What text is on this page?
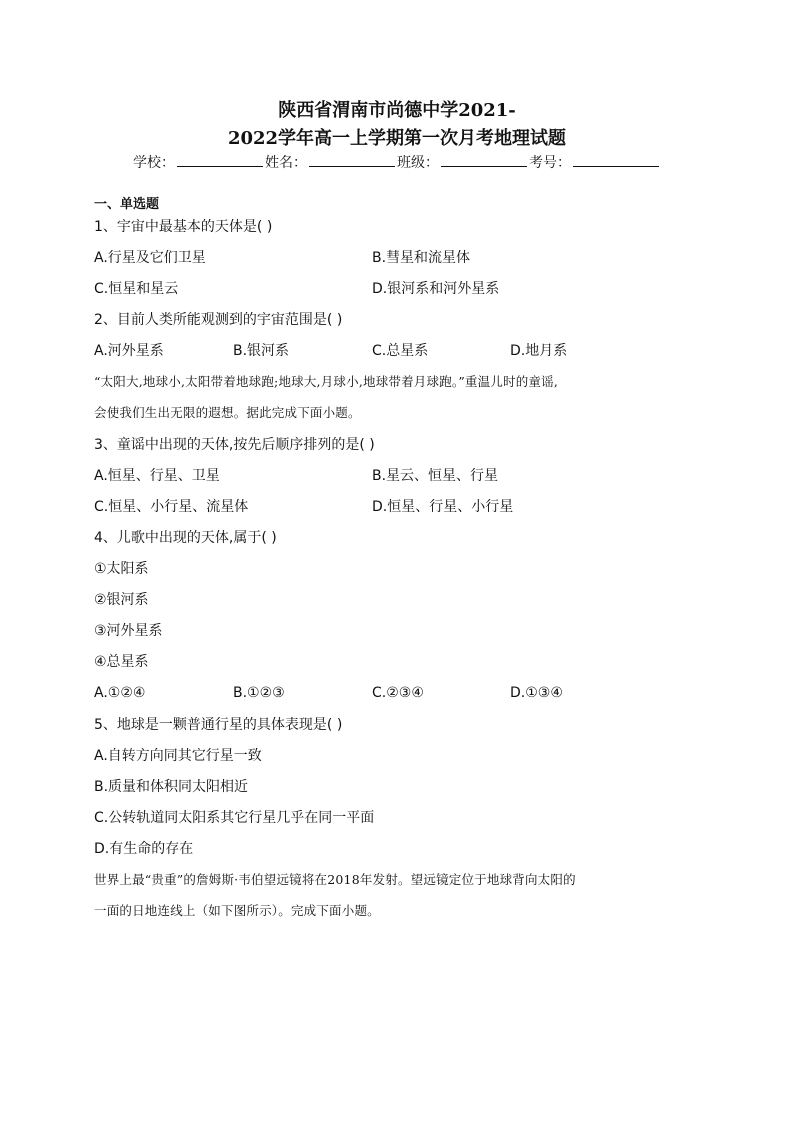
陕西省渭南市尚德中学2021-
2022学年高一上学期第一次月考地理试题
学校：	姓名：	班级：	考号：
一、单选题
1、宇宙中最基本的天体是( )
A.行星及它们卫星	B.彗星和流星体
C.恒星和星云	D.银河系和河外星系
2、目前人类所能观测到的宇宙范围是( )
A.河外星系	B.银河系	C.总星系	D.地月系
“太阳大,地球小,太阳带着地球跑;地球大,月球小,地球带着月球跑。”重温儿时的童谣,
会使我们生出无限的遐想。据此完成下面小题。
3、童谣中出现的天体,按先后顺序排列的是( )
A.恒星、行星、卫星	B.星云、恒星、行星
C.恒星、小行星、流星体	D.恒星、行星、小行星
4、儿歌中出现的天体,属于( )
①太阳系
②银河系
③河外星系
④总星系
A.①②④	B.①②③	C.②③④	D.①③④
5、地球是一颗普通行星的具体表现是( )
A.自转方向同其它行星一致
B.质量和体积同太阳相近
C.公转轨道同太阳系其它行星几乎在同一平面
D.有生命的存在
世界上最“贵重”的詹姆斯·韦伯望远镜将在2018年发射。望远镜定位于地球背向太阳的
一面的日地连线上（如下图所示）。完成下面小题。
